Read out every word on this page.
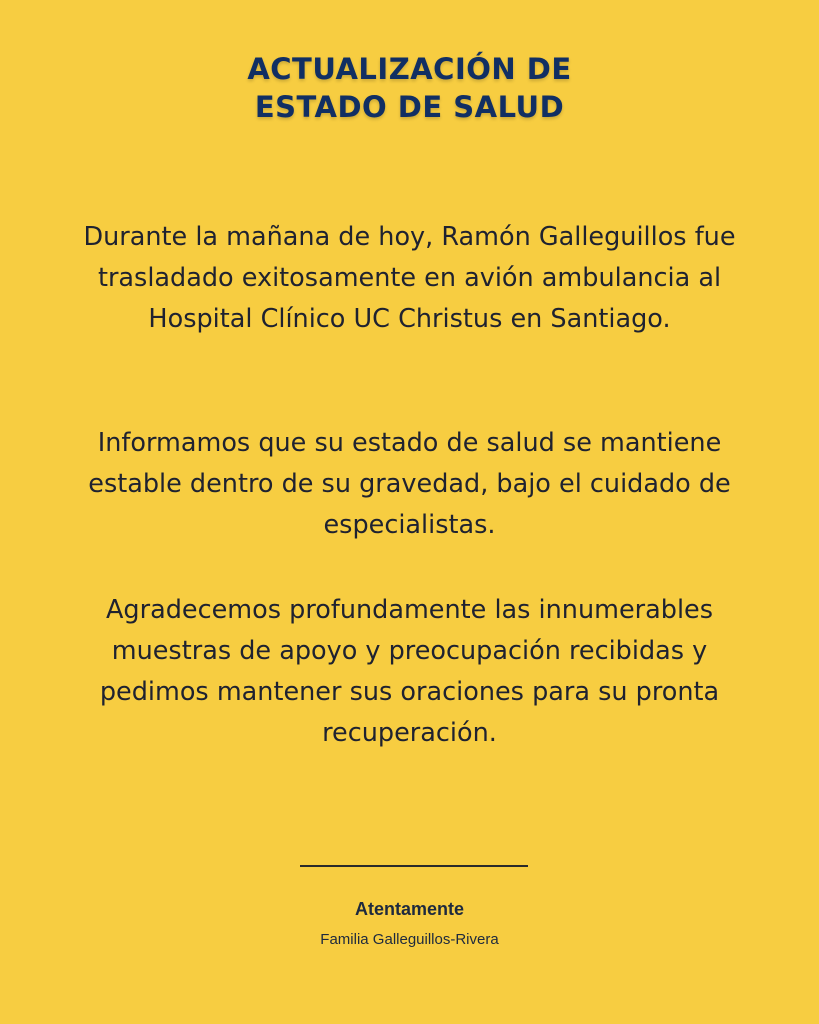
ACTUALIZACIÓN DE
ESTADO DE SALUD

Durante la mañana de hoy, Ramón Galleguillos fue trasladado exitosamente en avión ambulancia al Hospital Clínico UC Christus en Santiago.

Informamos que su estado de salud se mantiene estable dentro de su gravedad, bajo el cuidado de especialistas.

Agradecemos profundamente las innumerables muestras de apoyo y preocupación recibidas y pedimos mantener sus oraciones para su pronta recuperación.

Atentamente

Familia Galleguillos-Rivera
